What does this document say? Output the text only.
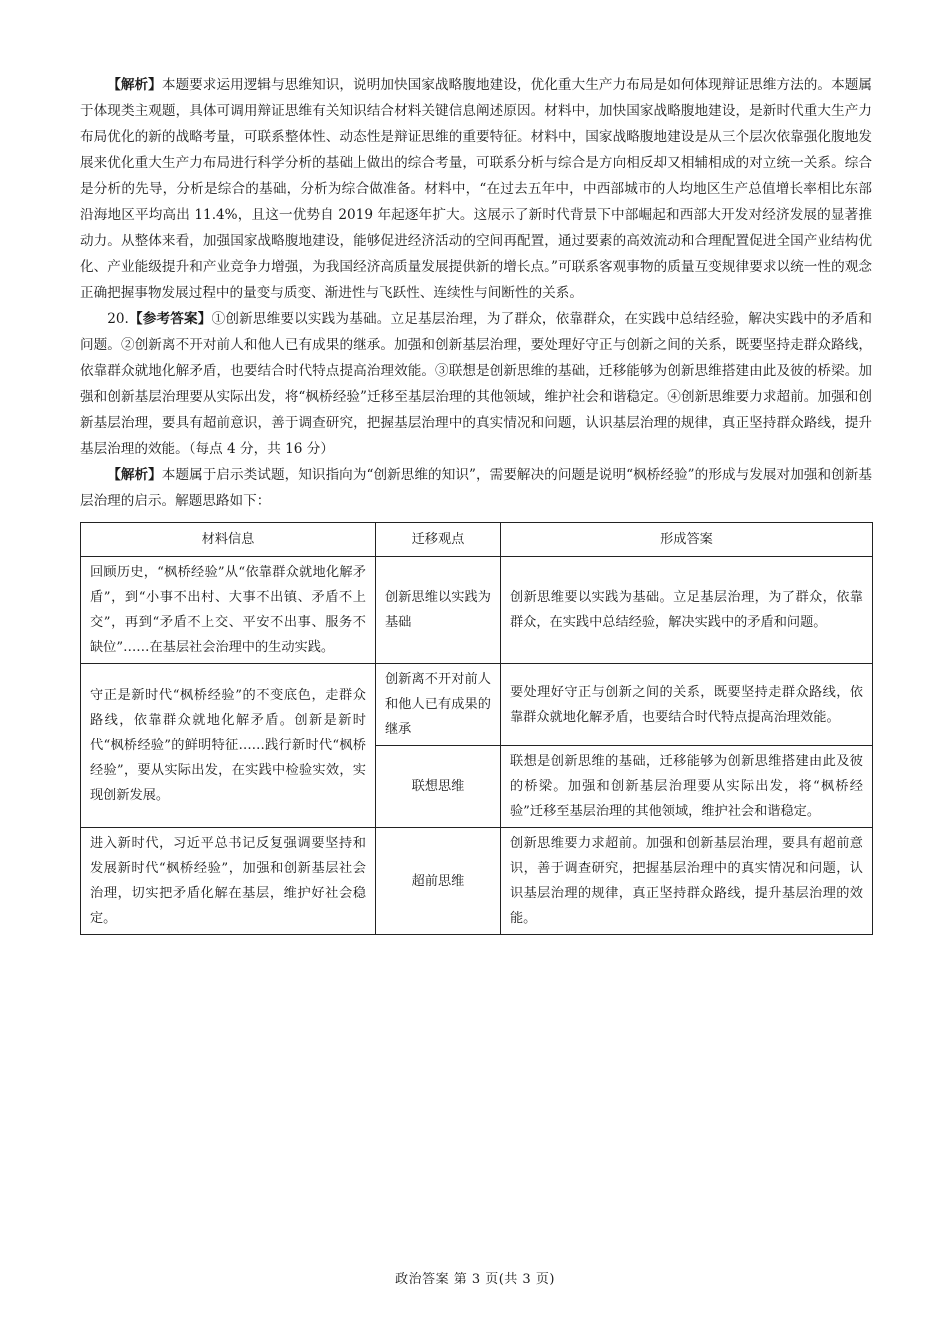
【解析】本题要求运用逻辑与思维知识，说明加快国家战略腹地建设，优化重大生产力布局是如何体现辩证思维方法的。本题属于体现类主观题，具体可调用辩证思维有关知识结合材料关键信息阐述原因。材料中，加快国家战略腹地建设，是新时代重大生产力布局优化的新的战略考量，可联系整体性、动态性是辩证思维的重要特征。材料中，国家战略腹地建设是从三个层次依靠强化腹地发展来优化重大生产力布局进行科学分析的基础上做出的综合考量，可联系分析与综合是方向相反却又相辅相成的对立统一关系。综合是分析的先导，分析是综合的基础，分析为综合做准备。材料中，“在过去五年中，中西部城市的人均地区生产总值增长率相比东部沿海地区平均高出 11.4%，且这一优势自 2019 年起逐年扩大。这展示了新时代背景下中部崛起和西部大开发对经济发展的显著推动力。从整体来看，加强国家战略腹地建设，能够促进经济活动的空间再配置，通过要素的高效流动和合理配置促进全国产业结构优化、产业能级提升和产业竞争力增强，为我国经济高质量发展提供新的增长点。”可联系客观事物的质量互变规律要求以统一性的观念正确把握事物发展过程中的量变与质变、渐进性与飞跃性、连续性与间断性的关系。

20.【参考答案】①创新思维要以实践为基础。立足基层治理，为了群众，依靠群众，在实践中总结经验，解决实践中的矛盾和问题。②创新离不开对前人和他人已有成果的继承。加强和创新基层治理，要处理好守正与创新之间的关系，既要坚持走群众路线，依靠群众就地化解矛盾，也要结合时代特点提高治理效能。③联想是创新思维的基础，迁移能够为创新思维搭建由此及彼的桥梁。加强和创新基层治理要从实际出发，将“枫桥经验”迁移至基层治理的其他领域，维护社会和谐稳定。④创新思维要力求超前。加强和创新基层治理，要具有超前意识，善于调查研究，把握基层治理中的真实情况和问题，认识基层治理的规律，真正坚持群众路线，提升基层治理的效能。（每点 4 分，共 16 分）

【解析】本题属于启示类试题，知识指向为“创新思维的知识”，需要解决的问题是说明“枫桥经验”的形成与发展对加强和创新基层治理的启示。解题思路如下：

材料信息	迁移观点	形成答案
回顾历史，“枫桥经验”从“依靠群众就地化解矛盾”，到“小事不出村、大事不出镇、矛盾不上交”，再到“矛盾不上交、平安不出事、服务不缺位”……在基层社会治理中的生动实践。	创新思维以实践为基础	创新思维要以实践为基础。立足基层治理，为了群众，依靠群众，在实践中总结经验，解决实践中的矛盾和问题。
守正是新时代“枫桥经验”的不变底色，走群众路线，依靠群众就地化解矛盾。创新是新时代“枫桥经验”的鲜明特征……践行新时代“枫桥经验”，要从实际出发，在实践中检验实效，实现创新发展。	创新离不开对前人和他人已有成果的继承	要处理好守正与创新之间的关系，既要坚持走群众路线，依靠群众就地化解矛盾，也要结合时代特点提高治理效能。
	联想思维	联想是创新思维的基础，迁移能够为创新思维搭建由此及彼的桥梁。加强和创新基层治理要从实际出发，将“枫桥经验”迁移至基层治理的其他领域，维护社会和谐稳定。
进入新时代，习近平总书记反复强调要坚持和发展新时代“枫桥经验”，加强和创新基层社会治理，切实把矛盾化解在基层，维护好社会稳定。	超前思维	创新思维要力求超前。加强和创新基层治理，要具有超前意识，善于调查研究，把握基层治理中的真实情况和问题，认识基层治理的规律，真正坚持群众路线，提升基层治理的效能。
政治答案 第 3 页(共 3 页)
